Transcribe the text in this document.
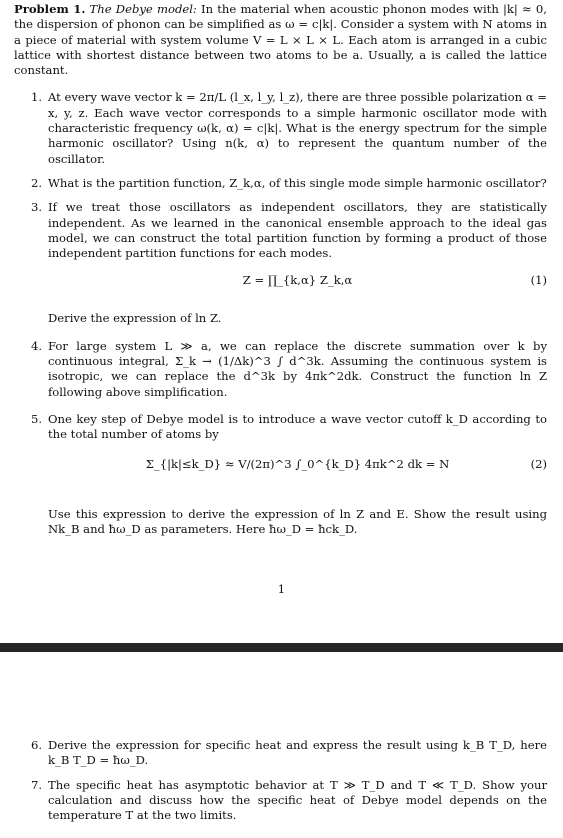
Problem 1. The Debye model: In the material when acoustic phonon modes with |k| ≈ 0, the dispersion of phonon can be simplified as ω = c|k|. Consider a system with N atoms in a piece of material with system volume V = L × L × L. Each atom is arranged in a cubic lattice with shortest distance between two atoms to be a. Usually, a is called the lattice constant.

1. At every wave vector k = 2π/L (l_x, l_y, l_z), there are three possible polarization α = x, y, z. Each wave vector corresponds to a simple harmonic oscillator mode with characteristic frequency ω(k, α) = c|k|. What is the energy spectrum for the simple harmonic oscillator? Using n(k, α) to represent the quantum number of the oscillator.
2. What is the partition function, Z_k,α, of this single mode simple harmonic oscillator?
3. If we treat those oscillators as independent oscillators, they are statistically independent. As we learned in the canonical ensemble approach to the ideal gas model, we can construct the total partition function by forming a product of those independent partition functions for each modes.
Z = ∏_{k,α} Z_k,α	(1)
Derive the expression of ln Z.
4. For large system L ≫ a, we can replace the discrete summation over k by continuous integral, Σ_k → (1/Δk)^3 ∫ d^3k. Assuming the continuous system is isotropic, we can replace the d^3k by 4πk^2dk. Construct the function ln Z following above simplification.
5. One key step of Debye model is to introduce a wave vector cutoff k_D according to the total number of atoms by
Σ_{|k|≤k_D} ≈ V/(2π)^3 ∫_0^{k_D} 4πk^2 dk = N	(2)
Use this expression to derive the expression of ln Z and E. Show the result using Nk_B and ħω_D as parameters. Here ħω_D = ħck_D.
1
6. Derive the expression for specific heat and express the result using k_B T_D, here k_B T_D = ħω_D.
7. The specific heat has asymptotic behavior at T ≫ T_D and T ≪ T_D. Show your calculation and discuss how the specific heat of Debye model depends on the temperature T at the two limits.
